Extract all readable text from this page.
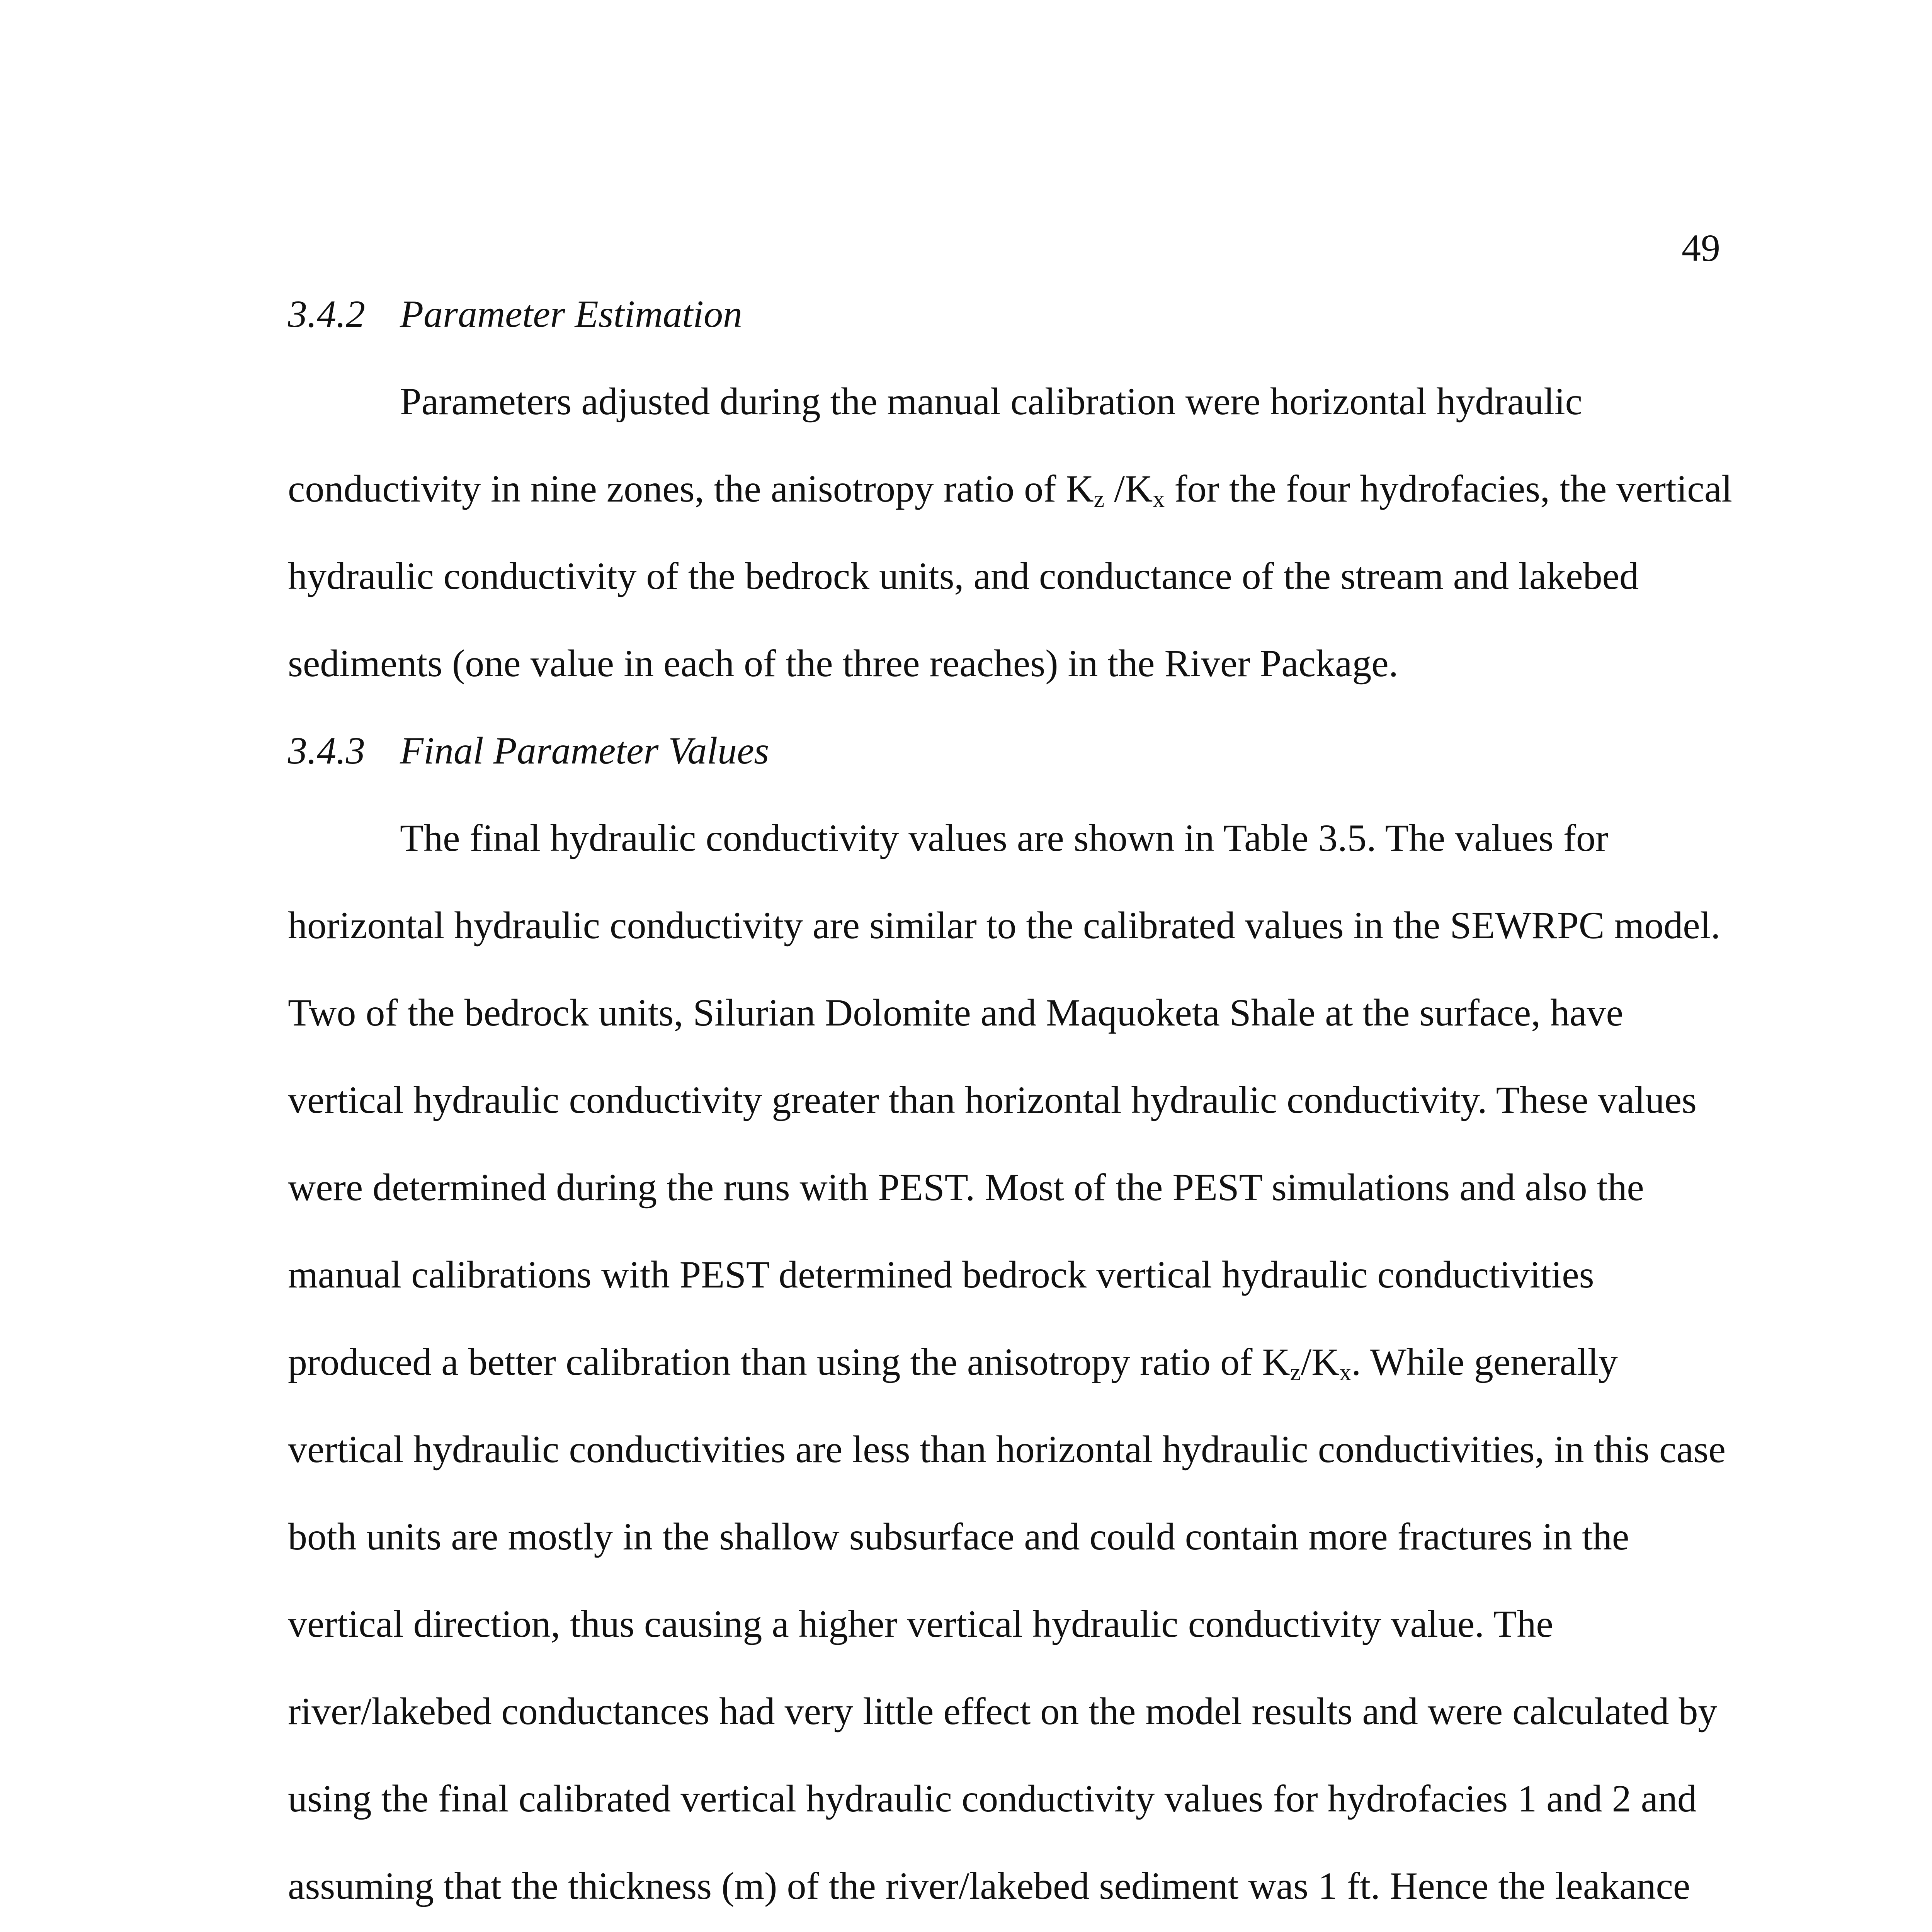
49
3.4.2 Parameter Estimation
Parameters adjusted during the manual calibration were horizontal hydraulic
conductivity in nine zones, the anisotropy ratio of $K_z$ $/K_x$ for the four hydrofacies, the vertical
hydraulic conductivity of the bedrock units, and conductance of the stream and lakebed
sediments (one value in each of the three reaches) in the River Package.
3.4.3 Final Parameter Values
The final hydraulic conductivity values are shown in Table 3.5. The values for
horizontal hydraulic conductivity are similar to the calibrated values in the SEWRPC model.
Two of the bedrock units, Silurian Dolomite and Maquoketa Shale at the surface, have
vertical hydraulic conductivity greater than horizontal hydraulic conductivity. These values
were determined during the runs with PEST. Most of the PEST simulations and also the
manual calibrations with PEST determined bedrock vertical hydraulic conductivities
produced a better calibration than using the anisotropy ratio of $K_z/K_x$. While generally
vertical hydraulic conductivities are less than horizontal hydraulic conductivities, in this case
both units are mostly in the shallow subsurface and could contain more fractures in the
vertical direction, thus causing a higher vertical hydraulic conductivity value. The
river/lakebed conductances had very little effect on the model results and were calculated by
using the final calibrated vertical hydraulic conductivity values for hydrofacies 1 and 2 and
assuming that the thickness (m) of the river/lakebed sediment was 1 ft. Hence the leakance
